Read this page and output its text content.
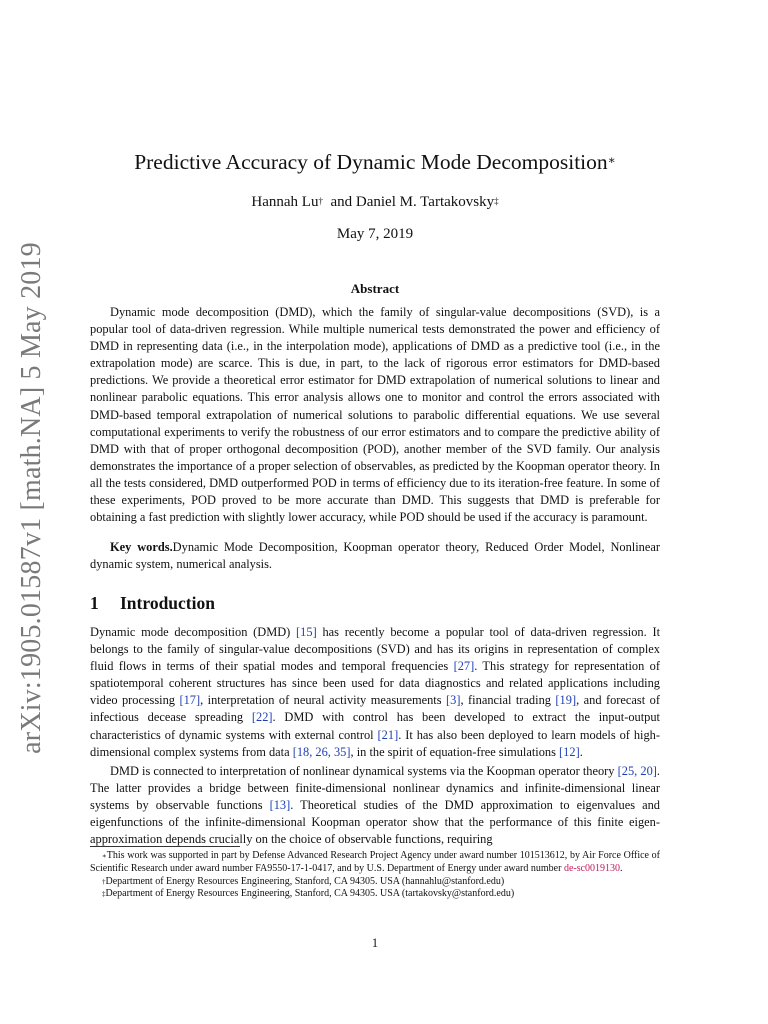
arXiv:1905.01587v1 [math.NA] 5 May 2019
Predictive Accuracy of Dynamic Mode Decomposition∗
Hannah Lu† and Daniel M. Tartakovsky‡
May 7, 2019
Abstract

Dynamic mode decomposition (DMD), which the family of singular-value decompositions (SVD), is a popular tool of data-driven regression. While multiple numerical tests demonstrated the power and efficiency of DMD in representing data (i.e., in the interpolation mode), applications of DMD as a predictive tool (i.e., in the extrapolation mode) are scarce. This is due, in part, to the lack of rigorous error estimators for DMD-based predictions. We provide a theoretical error estimator for DMD extrapolation of numerical solutions to linear and nonlinear parabolic equations. This error analysis allows one to monitor and control the errors associated with DMD-based temporal extrapolation of numerical solutions to parabolic differential equations. We use several computational experiments to verify the robustness of our error estimators and to compare the predictive ability of DMD with that of proper orthogonal decomposition (POD), another member of the SVD family. Our analysis demonstrates the importance of a proper selection of observables, as predicted by the Koopman operator theory. In all the tests considered, DMD outperformed POD in terms of efficiency due to its iteration-free feature. In some of these experiments, POD proved to be more accurate than DMD. This suggests that DMD is preferable for obtaining a fast prediction with slightly lower accuracy, while POD should be used if the accuracy is paramount.

Key words.Dynamic Mode Decomposition, Koopman operator theory, Reduced Order Model, Nonlinear dynamic system, numerical analysis.

1 Introduction

Dynamic mode decomposition (DMD) [15] has recently become a popular tool of data-driven regression. It belongs to the family of singular-value decompositions (SVD) and has its origins in representation of complex fluid flows in terms of their spatial modes and temporal frequencies [27]. This strategy for representation of spatiotemporal coherent structures has since been used for data diagnostics and related applications including video processing [17], interpretation of neural activity measurements [3], financial trading [19], and forecast of infectious decease spreading [22]. DMD with control has been developed to extract the input-output characteristics of dynamic systems with external control [21]. It has also been deployed to learn models of high-dimensional complex systems from data [18, 26, 35], in the spirit of equation-free simulations [12].

DMD is connected to interpretation of nonlinear dynamical systems via the Koopman operator theory [25, 20]. The latter provides a bridge between finite-dimensional nonlinear dynamics and infinite-dimensional linear systems by observable functions [13]. Theoretical studies of the DMD approximation to eigenvalues and eigenfunctions of the infinite-dimensional Koopman operator show that the performance of this finite eigen-approximation depends crucially on the choice of observable functions, requiring

∗This work was supported in part by Defense Advanced Research Project Agency under award number 101513612, by Air Force Office of Scientific Research under award number FA9550-17-1-0417, and by U.S. Department of Energy under award number de-sc0019130.

†Department of Energy Resources Engineering, Stanford, CA 94305. USA (hannahlu@stanford.edu)

‡Department of Energy Resources Engineering, Stanford, CA 94305. USA (tartakovsky@stanford.edu)

1
